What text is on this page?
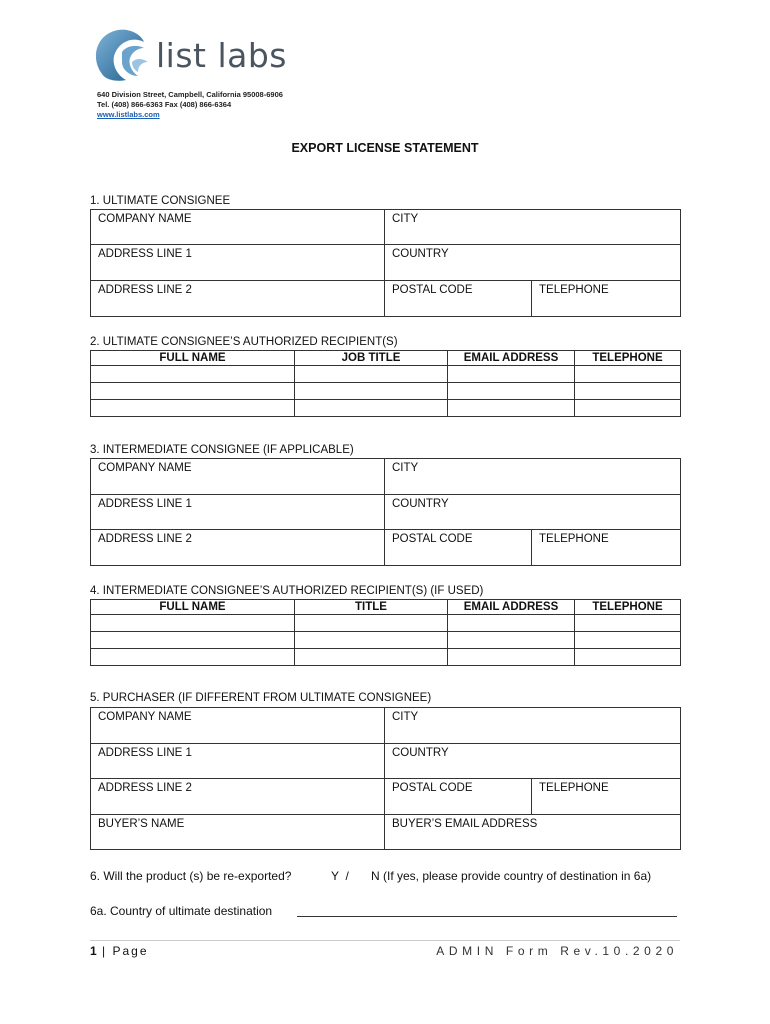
list labs
640 Division Street, Campbell, California 95008-6906
Tel. (408) 866-6363 Fax (408) 866-6364
www.listlabs.com
EXPORT LICENSE STATEMENT
1. ULTIMATE CONSIGNEE
COMPANY NAME	CITY	
ADDRESS LINE 1	COUNTRY	
ADDRESS LINE 2	POSTAL CODE	TELEPHONE
2. ULTIMATE CONSIGNEE’S AUTHORIZED RECIPIENT(S)
FULL NAME	JOB TITLE	EMAIL ADDRESS	TELEPHONE

3. INTERMEDIATE CONSIGNEE (IF APPLICABLE)
COMPANY NAME	CITY	
ADDRESS LINE 1	COUNTRY	
ADDRESS LINE 2	POSTAL CODE	TELEPHONE
4. INTERMEDIATE CONSIGNEE’S AUTHORIZED RECIPIENT(S) (IF USED)
FULL NAME	TITLE	EMAIL ADDRESS	TELEPHONE

5. PURCHASER (IF DIFFERENT FROM ULTIMATE CONSIGNEE)
COMPANY NAME	CITY	
ADDRESS LINE 1	COUNTRY	
ADDRESS LINE 2	POSTAL CODE	TELEPHONE
BUYER’S NAME	BUYER’S EMAIL ADDRESS	
6. Will the product (s) be re-exported?	Y  / N (If yes, please provide country of destination in 6a)
6a. Country of ultimate destination
1 | Page	ADMIN Form Rev.10.2020
